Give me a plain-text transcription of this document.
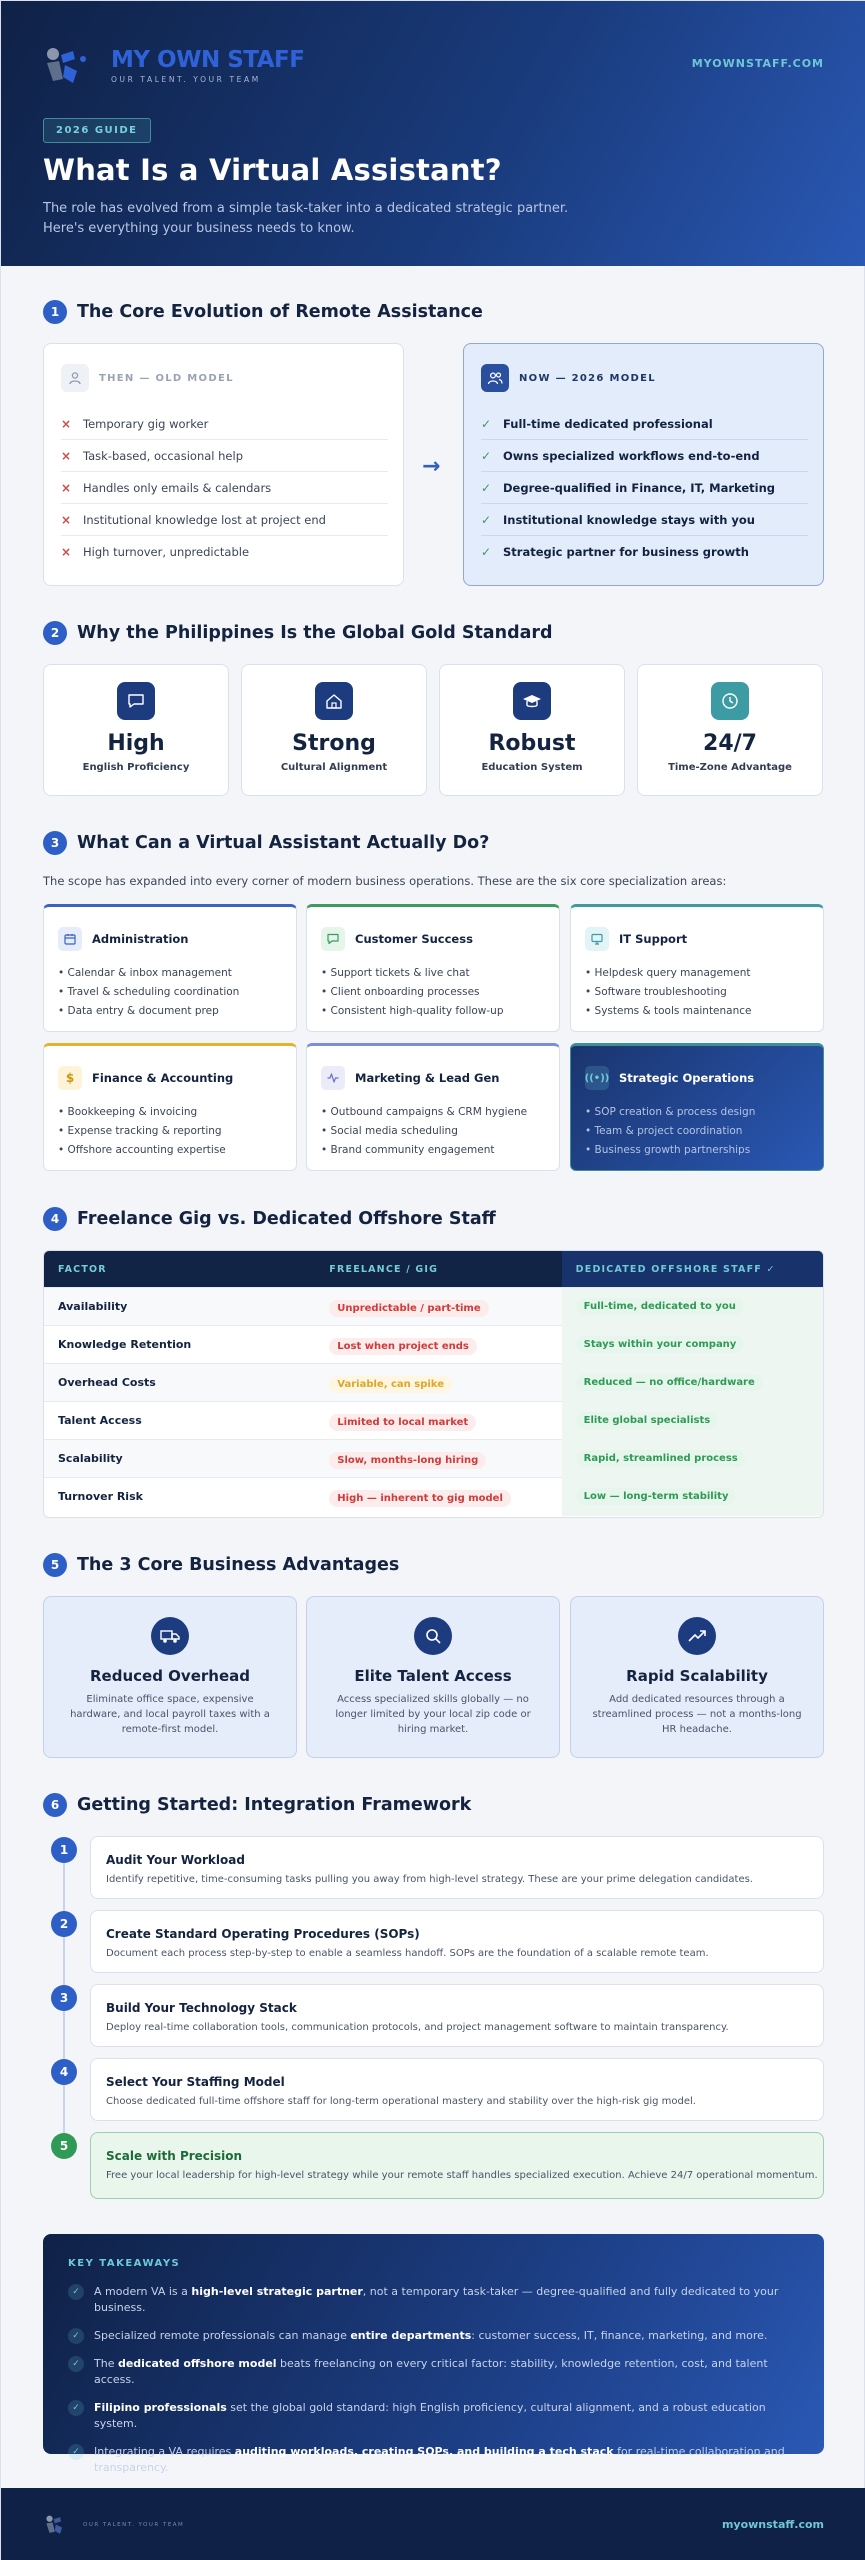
MY OWN STAFF
OUR TALENT. YOUR TEAM
MYOWNSTAFF.COM
2026 GUIDE
What Is a Virtual Assistant?

The role has evolved from a simple task-taker into a dedicated strategic partner. Here's everything your business needs to know.

1	The Core Evolution of Remote Assistance
THEN — OLD MODEL
× Temporary gig worker
× Task-based, occasional help
× Handles only emails & calendars
× Institutional knowledge lost at project end
× High turnover, unpredictable
→
NOW — 2026 MODEL
✓ Full-time dedicated professional
✓ Owns specialized workflows end-to-end
✓ Degree-qualified in Finance, IT, Marketing
✓ Institutional knowledge stays with you
✓ Strategic partner for business growth
2	Why the Philippines Is the Global Gold Standard
High
English Proficiency
Strong
Cultural Alignment
Robust
Education System
24/7
Time-Zone Advantage
3	What Can a Virtual Assistant Actually Do?
The scope has expanded into every corner of modern business operations. These are the six core specialization areas:
Administration
• Calendar & inbox management
• Travel & scheduling coordination
• Data entry & document prep
Customer Success
• Support tickets & live chat
• Client onboarding processes
• Consistent high-quality follow-up
IT Support
• Helpdesk query management
• Software troubleshooting
• Systems & tools maintenance
$	Finance & Accounting
• Bookkeeping & invoicing
• Expense tracking & reporting
• Offshore accounting expertise
Marketing & Lead Gen
• Outbound campaigns & CRM hygiene
• Social media scheduling
• Brand community engagement
((•)) Strategic Operations
• SOP creation & process design
• Team & project coordination
• Business growth partnerships
4	Freelance Gig vs. Dedicated Offshore Staff
FACTOR	FREELANCE / GIG	DEDICATED OFFSHORE STAFF ✓
Availability	Unpredictable / part-time	Full-time, dedicated to you
Knowledge Retention	Lost when project ends	Stays within your company
Overhead Costs	Variable, can spike	Reduced — no office/hardware
Talent Access	Limited to local market	Elite global specialists
Scalability	Slow, months-long hiring	Rapid, streamlined process
Turnover Risk	High — inherent to gig model	Low — long-term stability
5	The 3 Core Business Advantages
Reduced Overhead
Eliminate office space, expensive hardware, and local payroll taxes with a remote-first model.
Elite Talent Access
Access specialized skills globally — no longer limited by your local zip code or hiring market.
Rapid Scalability
Add dedicated resources through a streamlined process — not a months-long HR headache.
6	Getting Started: Integration Framework
1
Audit Your Workload
Identify repetitive, time-consuming tasks pulling you away from high-level strategy. These are your prime delegation candidates.
2
Create Standard Operating Procedures (SOPs)
Document each process step-by-step to enable a seamless handoff. SOPs are the foundation of a scalable remote team.
3
Build Your Technology Stack
Deploy real-time collaboration tools, communication protocols, and project management software to maintain transparency.
4
Select Your Staffing Model
Choose dedicated full-time offshore staff for long-term operational mastery and stability over the high-risk gig model.
5
Scale with Precision
Free your local leadership for high-level strategy while your remote staff handles specialized execution. Achieve 24/7 operational momentum.
KEY TAKEAWAYS
✓	A modern VA is a high-level strategic partner, not a temporary task-taker — degree-qualified and fully dedicated to your business.
✓	Specialized remote professionals can manage entire departments: customer success, IT, finance, marketing, and more.
✓	The dedicated offshore model beats freelancing on every critical factor: stability, knowledge retention, cost, and talent access.
✓	Filipino professionals set the global gold standard: high English proficiency, cultural alignment, and a robust education system.
✓	Integrating a VA requires auditing workloads, creating SOPs, and building a tech stack for real-time collaboration and transparency.
OUR TALENT. YOUR TEAM	myownstaff.com
